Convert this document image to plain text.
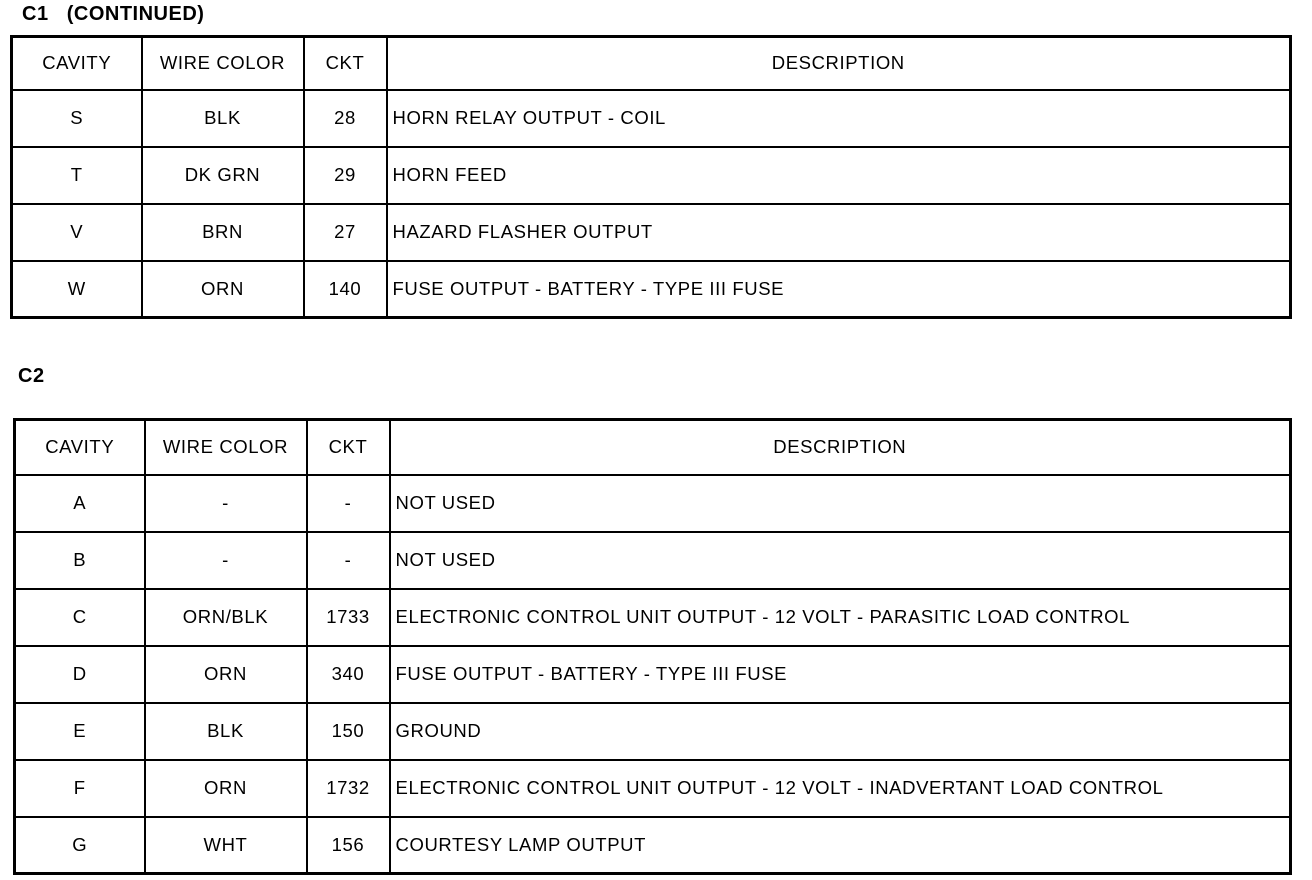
C1   (CONTINUED)
CAVITY	WIRE COLOR	CKT	DESCRIPTION
S	BLK	28	HORN RELAY OUTPUT - COIL
T	DK GRN	29	HORN FEED
V	BRN	27	HAZARD FLASHER OUTPUT
W	ORN	140	FUSE OUTPUT - BATTERY - TYPE III FUSE
C2
CAVITY	WIRE COLOR	CKT	DESCRIPTION
A	-	-	NOT USED
B	-	-	NOT USED
C	ORN/BLK	1733	ELECTRONIC CONTROL UNIT OUTPUT - 12 VOLT - PARASITIC LOAD CONTROL
D	ORN	340	FUSE OUTPUT - BATTERY - TYPE III FUSE
E	BLK	150	GROUND
F	ORN	1732	ELECTRONIC CONTROL UNIT OUTPUT - 12 VOLT - INADVERTANT LOAD CONTROL
G	WHT	156	COURTESY LAMP OUTPUT
